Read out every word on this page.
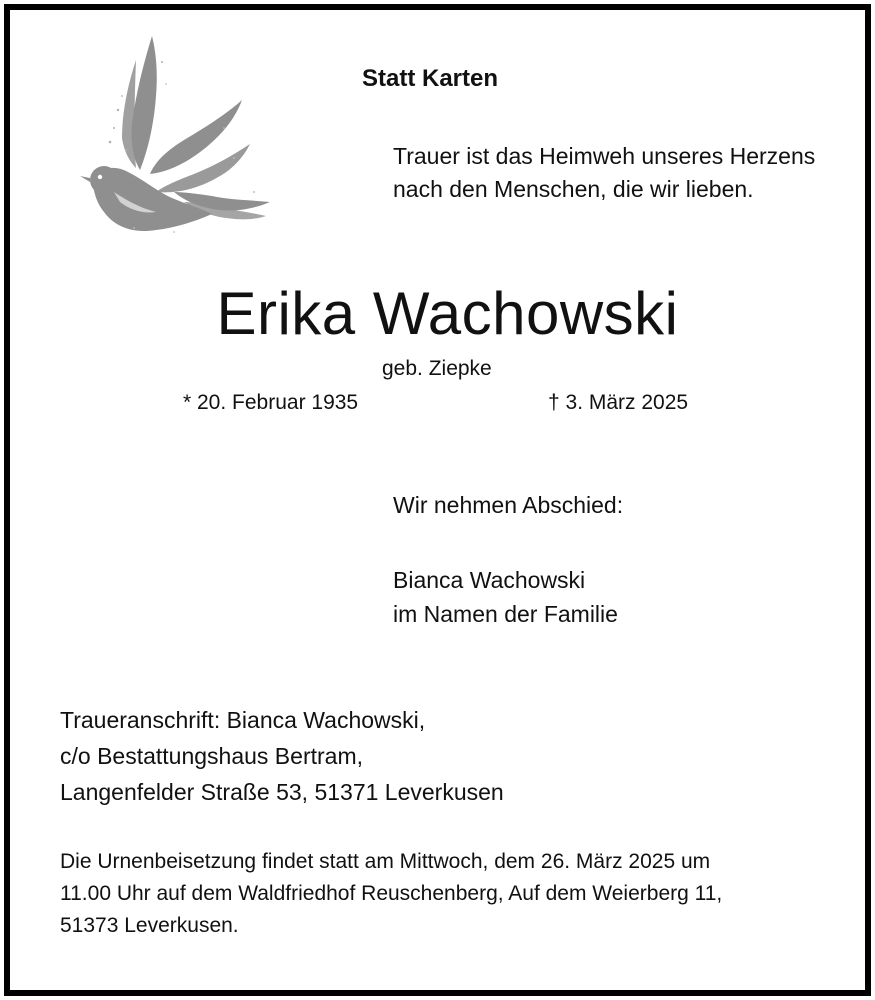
Statt Karten
Trauer ist das Heimweh unseres Herzens
nach den Menschen, die wir lieben.
Erika Wachowski
geb. Ziepke
* 20. Februar 1935	† 3. März 2025
Wir nehmen Abschied:
Bianca Wachowski
im Namen der Familie
Traueranschrift: Bianca Wachowski,
c/o Bestattungshaus Bertram,
Langenfelder Straße 53, 51371 Leverkusen
Die Urnenbeisetzung findet statt am Mittwoch, dem 26. März 2025 um
11.00 Uhr auf dem Waldfriedhof Reuschenberg, Auf dem Weierberg 11,
51373 Leverkusen.
